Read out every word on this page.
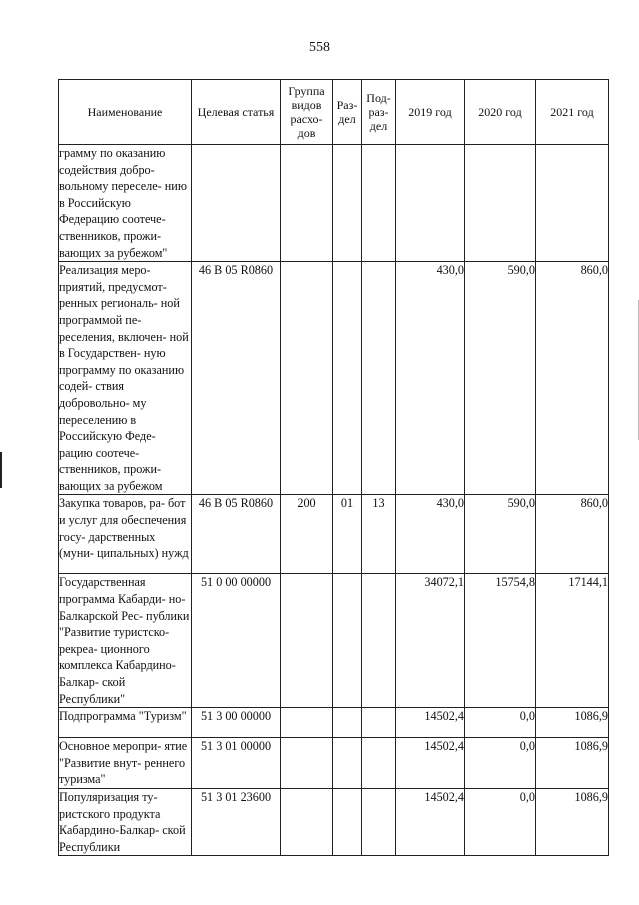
558
Наименование	Целевая статья	Группа видов расхо- дов	Раз- дел	Под- раз- дел	2019 год	2020 год	2021 год
грамму по оказанию содействия добро- вольному переселе- нию в Российскую Федерацию соотече- ственников, прожи- вающих за рубежом"							
Реализация меро- приятий, предусмот- ренных региональ- ной программой пе- реселения, включен- ной в Государствен- ную программу по оказанию содей- ствия добровольно- му переселению в Российскую Феде- рацию соотече- ственников, прожи- вающих за рубежом	46 В 05 R0860				430,0	590,0	860,0
Закупка товаров, ра- бот и услуг для обеспечения госу- дарственных (муни- ципальных) нужд	46 В 05 R0860	200	01	13	430,0	590,0	860,0
Государственная программа Кабарди- но-Балкарской Рес- публики "Развитие туристско-рекреа- ционного комплекса Кабардино-Балкар- ской Республики"	51 0 00 00000				34072,1	15754,8	17144,1
Подпрограмма "Туризм"	51 3 00 00000				14502,4	0,0	1086,9
Основное меропри- ятие "Развитие внут- реннего туризма"	51 3 01 00000				14502,4	0,0	1086,9
Популяризация ту- ристского продукта Кабардино-Балкар- ской Республики	51 3 01 23600				14502,4	0,0	1086,9
